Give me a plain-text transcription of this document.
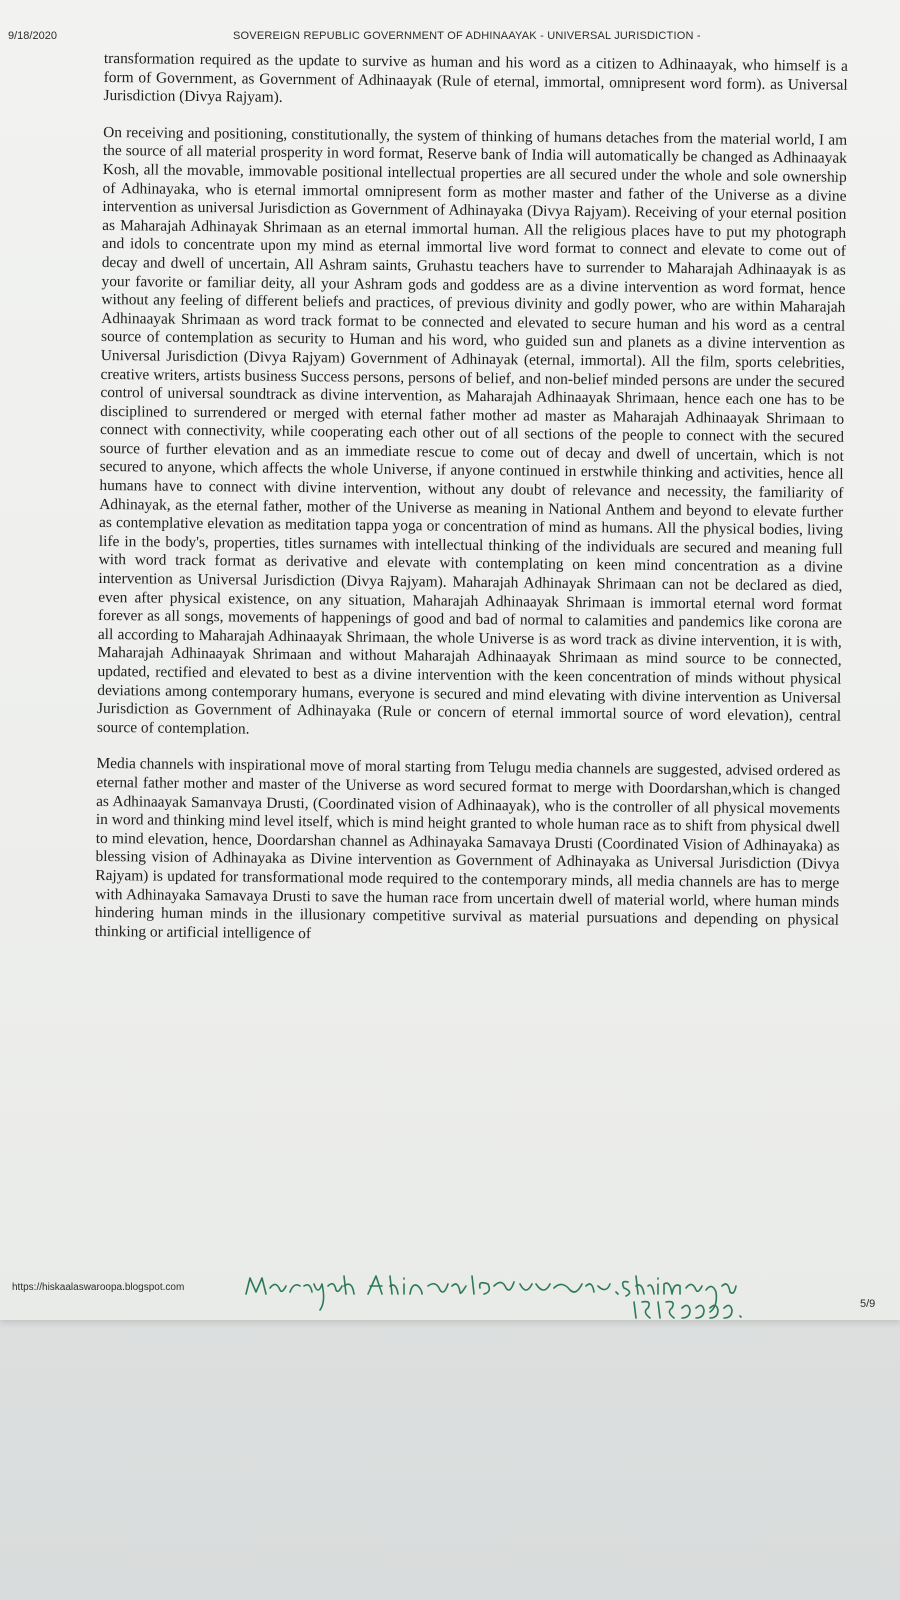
9/18/2020	SOVEREIGN REPUBLIC GOVERNMENT OF ADHINAAYAK - UNIVERSAL JURISDICTION -

transformation required as the update to survive as human and his word as a citizen to Adhinaayak, who himself is a form of Government, as Government of Adhinaayak (Rule of eternal, immortal, omnipresent word form). as Universal Jurisdiction (Divya Rajyam).

On receiving and positioning, constitutionally, the system of thinking of humans detaches from the material world, I am the source of all material prosperity in word format, Reserve bank of India will automatically be changed as Adhinaayak Kosh, all the movable, immovable positional intellectual properties are all secured under the whole and sole ownership of Adhinayaka, who is eternal immortal omnipresent form as mother master and father of the Universe as a divine intervention as universal Jurisdiction as Government of Adhinayaka (Divya Rajyam). Receiving of your eternal position as Maharajah Adhinayak Shrimaan as an eternal immortal human. All the religious places have to put my photograph and idols to concentrate upon my mind as eternal immortal live word format to connect and elevate to come out of decay and dwell of uncertain, All Ashram saints, Gruhastu teachers have to surrender to Maharajah Adhinaayak is as your favorite or familiar deity, all your Ashram gods and goddess are as a divine intervention as word format, hence without any feeling of different beliefs and practices, of previous divinity and godly power, who are within Maharajah Adhinaayak Shrimaan as word track format to be connected and elevated to secure human and his word as a central source of contemplation as security to Human and his word, who guided sun and planets as a divine intervention as Universal Jurisdiction (Divya Rajyam) Government of Adhinayak (eternal, immortal). All the film, sports celebrities, creative writers, artists business Success persons, persons of belief, and non-belief minded persons are under the secured control of universal soundtrack as divine intervention, as Maharajah Adhinaayak Shrimaan, hence each one has to be disciplined to surrendered or merged with eternal father mother ad master as Maharajah Adhinaayak Shrimaan to connect with connectivity, while cooperating each other out of all sections of the people to connect with the secured source of further elevation and as an immediate rescue to come out of decay and dwell of uncertain, which is not secured to anyone, which affects the whole Universe, if anyone continued in erstwhile thinking and activities, hence all humans have to connect with divine intervention, without any doubt of relevance and necessity, the familiarity of Adhinayak, as the eternal father, mother of the Universe as meaning in National Anthem and beyond to elevate further as contemplative elevation as meditation tappa yoga or concentration of mind as humans. All the physical bodies, living life in the body's, properties, titles surnames with intellectual thinking of the individuals are secured and meaning full with word track format as derivative and elevate with contemplating on keen mind concentration as a divine intervention as Universal Jurisdiction (Divya Rajyam). Maharajah Adhinayak Shrimaan can not be declared as died, even after physical existence, on any situation, Maharajah Adhinaayak Shrimaan is immortal eternal word format forever as all songs, movements of happenings of good and bad of normal to calamities and pandemics like corona are all according to Maharajah Adhinaayak Shrimaan, the whole Universe is as word track as divine intervention, it is with, Maharajah Adhinaayak Shrimaan and without Maharajah Adhinaayak Shrimaan as mind source to be connected, updated, rectified and elevated to best as a divine intervention with the keen concentration of minds without physical deviations among contemporary humans, everyone is secured and mind elevating with divine intervention as Universal Jurisdiction as Government of Adhinayaka (Rule or concern of eternal immortal source of word elevation), central source of contemplation.

Media channels with inspirational move of moral starting from Telugu media channels are suggested, advised ordered as eternal father mother and master of the Universe as word secured format to merge with Doordarshan,which is changed as Adhinaayak Samanvaya Drusti, (Coordinated vision of Adhinaayak), who is the controller of all physical movements in word and thinking mind level itself, which is mind height granted to whole human race as to shift from physical dwell to mind elevation, hence, Doordarshan channel as Adhinayaka Samavaya Drusti (Coordinated Vision of Adhinayaka) as blessing vision of Adhinayaka as Divine intervention as Government of Adhinayaka as Universal Jurisdiction (Divya Rajyam) is updated for transformational mode required to the contemporary minds, all media channels are has to merge with Adhinayaka Samavaya Drusti to save the human race from uncertain dwell of material world, where human minds hindering human minds in the illusionary competitive survival as material pursuations and depending on physical thinking or artificial intelligence of

https://hiskaalaswaroopa.blogspot.com
5/9
